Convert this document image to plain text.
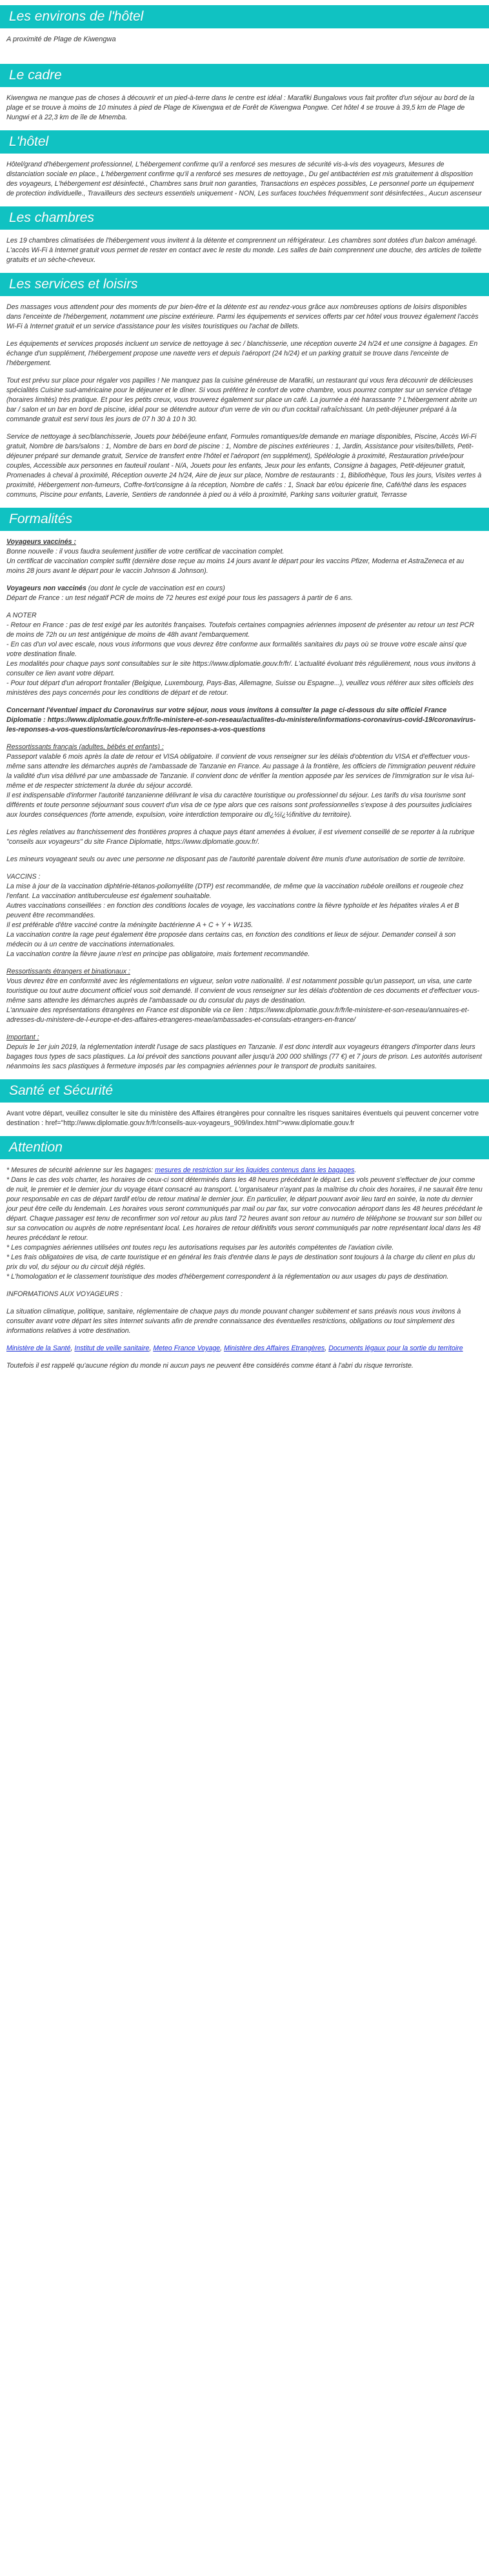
Les environs de l'hôtel

A proximité de Plage de Kiwengwa

Le cadre

Kiwengwa ne manque pas de choses à découvrir et un pied-à-terre dans le centre est idéal : Marafiki Bungalows vous fait profiter d'un séjour au bord de la plage et se trouve à moins de 10 minutes à pied de Plage de Kiwengwa et de Forêt de Kiwengwa Pongwe. Cet hôtel 4 se trouve à 39,5 km de Plage de Nungwi et à 22,3 km de île de Mnemba.

L'hôtel

Hôtel/grand d'hébergement professionnel, L'hébergement confirme qu'il a renforcé ses mesures de sécurité vis-à-vis des voyageurs, Mesures de distanciation sociale en place., L'hébergement confirme qu'il a renforcé ses mesures de nettoyage., Du gel antibactérien est mis gratuitement à disposition des voyageurs, L'hébergement est désinfecté., Chambres sans bruit non garanties, Transactions en espèces possibles, Le personnel porte un équipement de protection individuelle., Travailleurs des secteurs essentiels uniquement - NON, Les surfaces touchées fréquemment sont désinfectées., Aucun ascenseur

Les chambres

Les 19 chambres climatisées de l'hébergement vous invitent à la détente et comprennent un réfrigérateur. Les chambres sont dotées d'un balcon aménagé. L'accès Wi-Fi à Internet gratuit vous permet de rester en contact avec le reste du monde. Les salles de bain comprennent une douche, des articles de toilette gratuits et un sèche-cheveux.

Les services et loisirs

Des massages vous attendent pour des moments de pur bien-être et la détente est au rendez-vous grâce aux nombreuses options de loisirs disponibles dans l'enceinte de l'hébergement, notamment une piscine extérieure. Parmi les équipements et services offerts par cet hôtel vous trouvez également l'accès Wi-Fi à Internet gratuit et un service d'assistance pour les visites touristiques ou l'achat de billets.

Les équipements et services proposés incluent un service de nettoyage à sec / blanchisserie, une réception ouverte 24 h/24 et une consigne à bagages. En échange d'un supplément, l'hébergement propose une navette vers et depuis l'aéroport (24 h/24) et un parking gratuit se trouve dans l'enceinte de l'hébergement.

Tout est prévu sur place pour régaler vos papilles ! Ne manquez pas la cuisine généreuse de Marafiki, un restaurant qui vous fera découvrir de délicieuses spécialités Cuisine sud-américaine pour le déjeuner et le dîner. Si vous préférez le confort de votre chambre, vous pourrez compter sur un service d'étage (horaires limités) très pratique. Et pour les petits creux, vous trouverez également sur place un café. La journée a été harassante ? L'hébergement abrite un bar / salon et un bar en bord de piscine, idéal pour se détendre autour d'un verre de vin ou d'un cocktail rafraîchissant. Un petit-déjeuner préparé à la commande gratuit est servi tous les jours de 07 h 30 à 10 h 30.

Service de nettoyage à sec/blanchisserie, Jouets pour bébé/jeune enfant, Formules romantiques/de demande en mariage disponibles, Piscine, Accès Wi-Fi gratuit, Nombre de bars/salons : 1, Nombre de bars en bord de piscine : 1, Nombre de piscines extérieures : 1, Jardin, Assistance pour visites/billets, Petit-déjeuner préparé sur demande gratuit, Service de transfert entre l'hôtel et l'aéroport (en supplément), Spéléologie à proximité, Restauration privée/pour couples, Accessible aux personnes en fauteuil roulant - N/A, Jouets pour les enfants, Jeux pour les enfants, Consigne à bagages, Petit-déjeuner gratuit, Promenades à cheval à proximité, Réception ouverte 24 h/24, Aire de jeux sur place, Nombre de restaurants : 1, Bibliothèque, Tous les jours, Visites vertes à proximité, Hébergement non-fumeurs, Coffre-fort/consigne à la réception, Nombre de cafés : 1, Snack bar et/ou épicerie fine, Café/thé dans les espaces communs, Piscine pour enfants, Laverie, Sentiers de randonnée à pied ou à vélo à proximité, Parking sans voiturier gratuit, Terrasse

Formalités

Voyageurs vaccinés :
Bonne nouvelle : il vous faudra seulement justifier de votre certificat de vaccination complet.
Un certificat de vaccination complet suffit (dernière dose reçue au moins 14 jours avant le départ pour les vaccins Pfizer, Moderna et AstraZeneca et au moins 28 jours avant le départ pour le vaccin Johnson & Johnson).

Voyageurs non vaccinés (ou dont le cycle de vaccination est en cours)
Départ de France : un test négatif PCR de moins de 72 heures est exigé pour tous les passagers à partir de 6 ans.

A NOTER
- Retour en France : pas de test exigé par les autorités françaises. Toutefois certaines compagnies aériennes imposent de présenter au retour un test PCR de moins de 72h ou un test antigénique de moins de 48h avant l'embarquement.
- En cas d'un vol avec escale, nous vous informons que vous devrez être conforme aux formalités sanitaires du pays où se trouve votre escale ainsi que votre destination finale.
Les modalités pour chaque pays sont consultables sur le site https://www.diplomatie.gouv.fr/fr/. L'actualité évoluant très régulièrement, nous vous invitons à consulter ce lien avant votre départ.
- Pour tout départ d'un aéroport frontalier (Belgique, Luxembourg, Pays-Bas, Allemagne, Suisse ou Espagne...), veuillez vous référer aux sites officiels des ministères des pays concernés pour les conditions de départ et de retour.

Concernant l'éventuel impact du Coronavirus sur votre séjour, nous vous invitons à consulter la page ci-dessous du site officiel France Diplomatie : https://www.diplomatie.gouv.fr/fr/le-ministere-et-son-reseau/actualites-du-ministere/informations-coronavirus-covid-19/coronavirus-les-reponses-a-vos-questions/article/coronavirus-les-reponses-a-vos-questions

Ressortissants français (adultes, bébés et enfants) :
Passeport valable 6 mois après la date de retour et VISA obligatoire. Il convient de vous renseigner sur les délais d'obtention du VISA et d'effectuer vous-même sans attendre les démarches auprès de l'ambassade de Tanzanie en France. Au passage à la frontière, les officiers de l'immigration peuvent réduire la validité d'un visa délivré par une ambassade de Tanzanie. Il convient donc de vérifier la mention apposée par les services de l'immigration sur le visa lui-même et de respecter strictement la durée du séjour accordé.
Il est indispensable d'informer l'autorité tanzanienne délivrant le visa du caractère touristique ou professionnel du séjour. Les tarifs du visa tourisme sont différents et toute personne séjournant sous couvert d'un visa de ce type alors que ces raisons sont professionnelles s'expose à des poursuites judiciaires aux lourdes conséquences (forte amende, expulsion, voire interdiction temporaire ou dï¿½ï¿½finitive du territoire).

Les règles relatives au franchissement des frontières propres à chaque pays étant amenées à évoluer, il est vivement conseillé de se reporter à la rubrique "conseils aux voyageurs" du site France Diplomatie, https://www.diplomatie.gouv.fr/.

Les mineurs voyageant seuls ou avec une personne ne disposant pas de l'autorité parentale doivent être munis d'une autorisation de sortie de territoire.

VACCINS :
La mise à jour de la vaccination diphtérie-tétanos-poliomyélite (DTP) est recommandée, de même que la vaccination rubéole oreillons et rougeole chez l'enfant. La vaccination antituberculeuse est également souhaitable.
Autres vaccinations conseillées : en fonction des conditions locales de voyage, les vaccinations contre la fièvre typhoïde et les hépatites virales A et B peuvent être recommandées.
Il est préférable d'être vacciné contre la méningite bactérienne A + C + Y + W135.
La vaccination contre la rage peut également être proposée dans certains cas, en fonction des conditions et lieux de séjour. Demander conseil à son médecin ou à un centre de vaccinations internationales.
La vaccination contre la fièvre jaune n'est en principe pas obligatoire, mais fortement recommandée.

Ressortissants étrangers et binationaux :
Vous devrez être en conformité avec les réglementations en vigueur, selon votre nationalité. Il est notamment possible qu'un passeport, un visa, une carte touristique ou tout autre document officiel vous soit demandé. Il convient de vous renseigner sur les délais d'obtention de ces documents et d'effectuer vous-même sans attendre les démarches auprès de l'ambassade ou du consulat du pays de destination.
L'annuaire des représentations étrangères en France est disponible via ce lien : https://www.diplomatie.gouv.fr/fr/le-ministere-et-son-reseau/annuaires-et-adresses-du-ministere-de-l-europe-et-des-affaires-etrangeres-meae/ambassades-et-consulats-etrangers-en-france/

Important :
Depuis le 1er juin 2019, la réglementation interdit l'usage de sacs plastiques en Tanzanie. Il est donc interdit aux voyageurs étrangers d'importer dans leurs bagages tous types de sacs plastiques. La loi prévoit des sanctions pouvant aller jusqu'à 200 000 shillings (77 €) et 7 jours de prison. Les autorités autorisent néanmoins les sacs plastiques à fermeture imposés par les compagnies aériennes pour le transport de produits sanitaires.

Santé et Sécurité

Avant votre départ, veuillez consulter le site du ministère des Affaires étrangères pour connaître les risques sanitaires éventuels qui peuvent concerner votre destination : href="http://www.diplomatie.gouv.fr/fr/conseils-aux-voyageurs_909/index.html">www.diplomatie.gouv.fr

Attention

* Mesures de sécurité aérienne sur les bagages: mesures de restriction sur les liquides contenus dans les bagages.
* Dans le cas des vols charter, les horaires de ceux-ci sont déterminés dans les 48 heures précédant le départ. Les vols peuvent s'effectuer de jour comme de nuit, le premier et le dernier jour du voyage étant consacré au transport. L'organisateur n'ayant pas la maîtrise du choix des horaires, il ne saurait être tenu pour responsable en cas de départ tardif et/ou de retour matinal le dernier jour. En particulier, le départ pouvant avoir lieu tard en soirée, la note du dernier jour peut être celle du lendemain. Les horaires vous seront communiqués par mail ou par fax, sur votre convocation aéroport dans les 48 heures précédant le départ. Chaque passager est tenu de reconfirmer son vol retour au plus tard 72 heures avant son retour au numéro de téléphone se trouvant sur son billet ou sur sa convocation ou auprès de notre représentant local. Les horaires de retour définitifs vous seront communiqués par notre représentant local dans les 48 heures précédant le retour.
* Les compagnies aériennes utilisées ont toutes reçu les autorisations requises par les autorités compétentes de l'aviation civile.
* Les frais obligatoires de visa, de carte touristique et en général les frais d'entrée dans le pays de destination sont toujours à la charge du client en plus du prix du vol, du séjour ou du circuit déjà réglés.
* L'homologation et le classement touristique des modes d'hébergement correspondent à la réglementation ou aux usages du pays de destination.

INFORMATIONS AUX VOYAGEURS :

La situation climatique, politique, sanitaire, réglementaire de chaque pays du monde pouvant changer subitement et sans préavis nous vous invitons à consulter avant votre départ les sites Internet suivants afin de prendre connaissance des éventuelles restrictions, obligations ou tout simplement des informations relatives à votre destination.

Ministère de la Santé, Institut de veille sanitaire, Meteo France Voyage, Ministère des Affaires Etrangères, Documents légaux pour la sortie du territoire

Toutefois il est rappelé qu'aucune région du monde ni aucun pays ne peuvent être considérés comme étant à l'abri du risque terroriste.
